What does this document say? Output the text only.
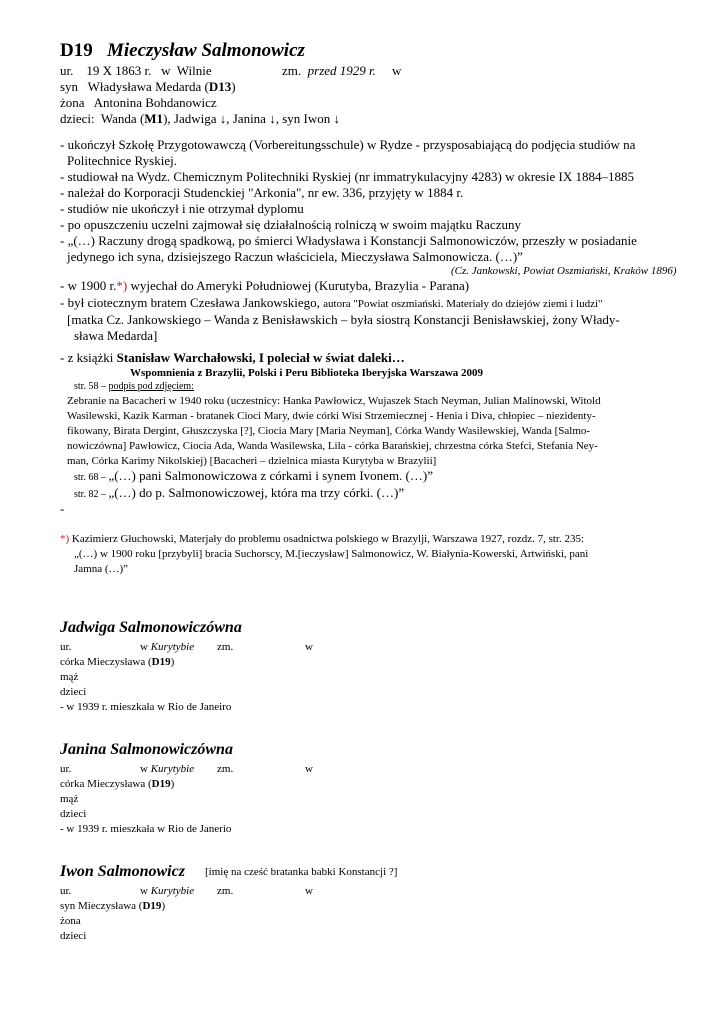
D19 Mieczysław Salmonowicz
ur. 19 X 1863 r. w Wilnie	zm. przed 1929 r. w
syn Władysława Medarda (D13)
żona Antonina Bohdanowicz
dzieci: Wanda (M1), Jadwiga ↓, Janina ↓, syn Iwon ↓
- ukończył Szkołę Przygotowawczą (Vorbereitungsschule) w Rydze - przysposabiającą do podjęcia studiów na
Politechnice Ryskiej.
- studiował na Wydz. Chemicznym Politechniki Ryskiej (nr immatrykulacyjny 4283) w okresie IX 1884–1885
- należał do Korporacji Studenckiej "Arkonia", nr ew. 336, przyjęty w 1884 r.
- studiów nie ukończył i nie otrzymał dyplomu
- po opuszczeniu uczelni zajmował się działalnością rolniczą w swoim majątku Raczuny
- „(…) Raczuny drogą spadkową, po śmierci Władysława i Konstancji Salmonowiczów, przeszły w posiadanie
jedynego ich syna, dzisiejszego Raczun właściciela, Mieczysława Salmonowicza. (…)”
(Cz. Jankowski, Powiat Oszmiański, Kraków 1896)
- w 1900 r.*) wyjechał do Ameryki Południowej (Kurutyba, Brazylia - Parana)
- był ciotecznym bratem Czesława Jankowskiego, autora "Powiat oszmiański. Materiały do dziejów ziemi i ludzi"
[matka Cz. Jankowskiego – Wanda z Benisławskich – była siostrą Konstancji Benisławskiej, żony Włady-
sława Medarda]
- z książki Stanisław Warchałowski, I poleciał w świat daleki…
Wspomnienia z Brazylii, Polski i Peru Biblioteka Iberyjska Warszawa 2009
str. 58 – podpis pod zdjęciem:
Zebranie na Bacacheri w 1940 roku (uczestnicy: Hanka Pawłowicz, Wujaszek Stach Neyman, Julian Malinowski, Witold
Wasilewski, Kazik Karman - bratanek Cioci Mary, dwie córki Wisi Strzemiecznej - Henia i Diva, chłopiec – niezidenty-
fikowany, Birata Dergint, Głuszczyska [?], Ciocia Mary [Maria Neyman], Córka Wandy Wasilewskiej, Wanda [Salmo-
nowiczówna] Pawłowicz, Ciocia Ada, Wanda Wasilewska, Lila - córka Barańskiej, chrzestna córka Stefci, Stefania Ney-
man, Córka Karimy Nikolskiej) [Bacacheri – dzielnica miasta Kurytyba w Brazylii]
str. 68 – „(…) pani Salmonowiczowa z córkami i synem Ivonem. (…)”
str. 82 – „(…) do p. Salmonowiczowej, która ma trzy córki. (…)”
-
*) Kazimierz Głuchowski, Materjały do problemu osadnictwa polskiego w Brazylji, Warszawa 1927, rozdz. 7, str. 235:
„(…) w 1900 roku [przybyli] bracia Suchorscy, M.[ieczysław] Salmonowicz, W. Białynia-Kowerski, Artwiński, pani
Jamna (…)”
Jadwiga Salmonowiczówna
ur.	w Kurytybie zm.	w
córka Mieczysława (D19)
mąż
dzieci
- w 1939 r. mieszkała w Rio de Janeiro
Janina Salmonowiczówna
ur.	w Kurytybie zm.	w
córka Mieczysława (D19)
mąż
dzieci
- w 1939 r. mieszkała w Rio de Janerio
Iwon Salmonowicz [imię na cześć bratanka babki Konstancji ?]
ur.	w Kurytybie zm.	w
syn Mieczysława (D19)
żona
dzieci
